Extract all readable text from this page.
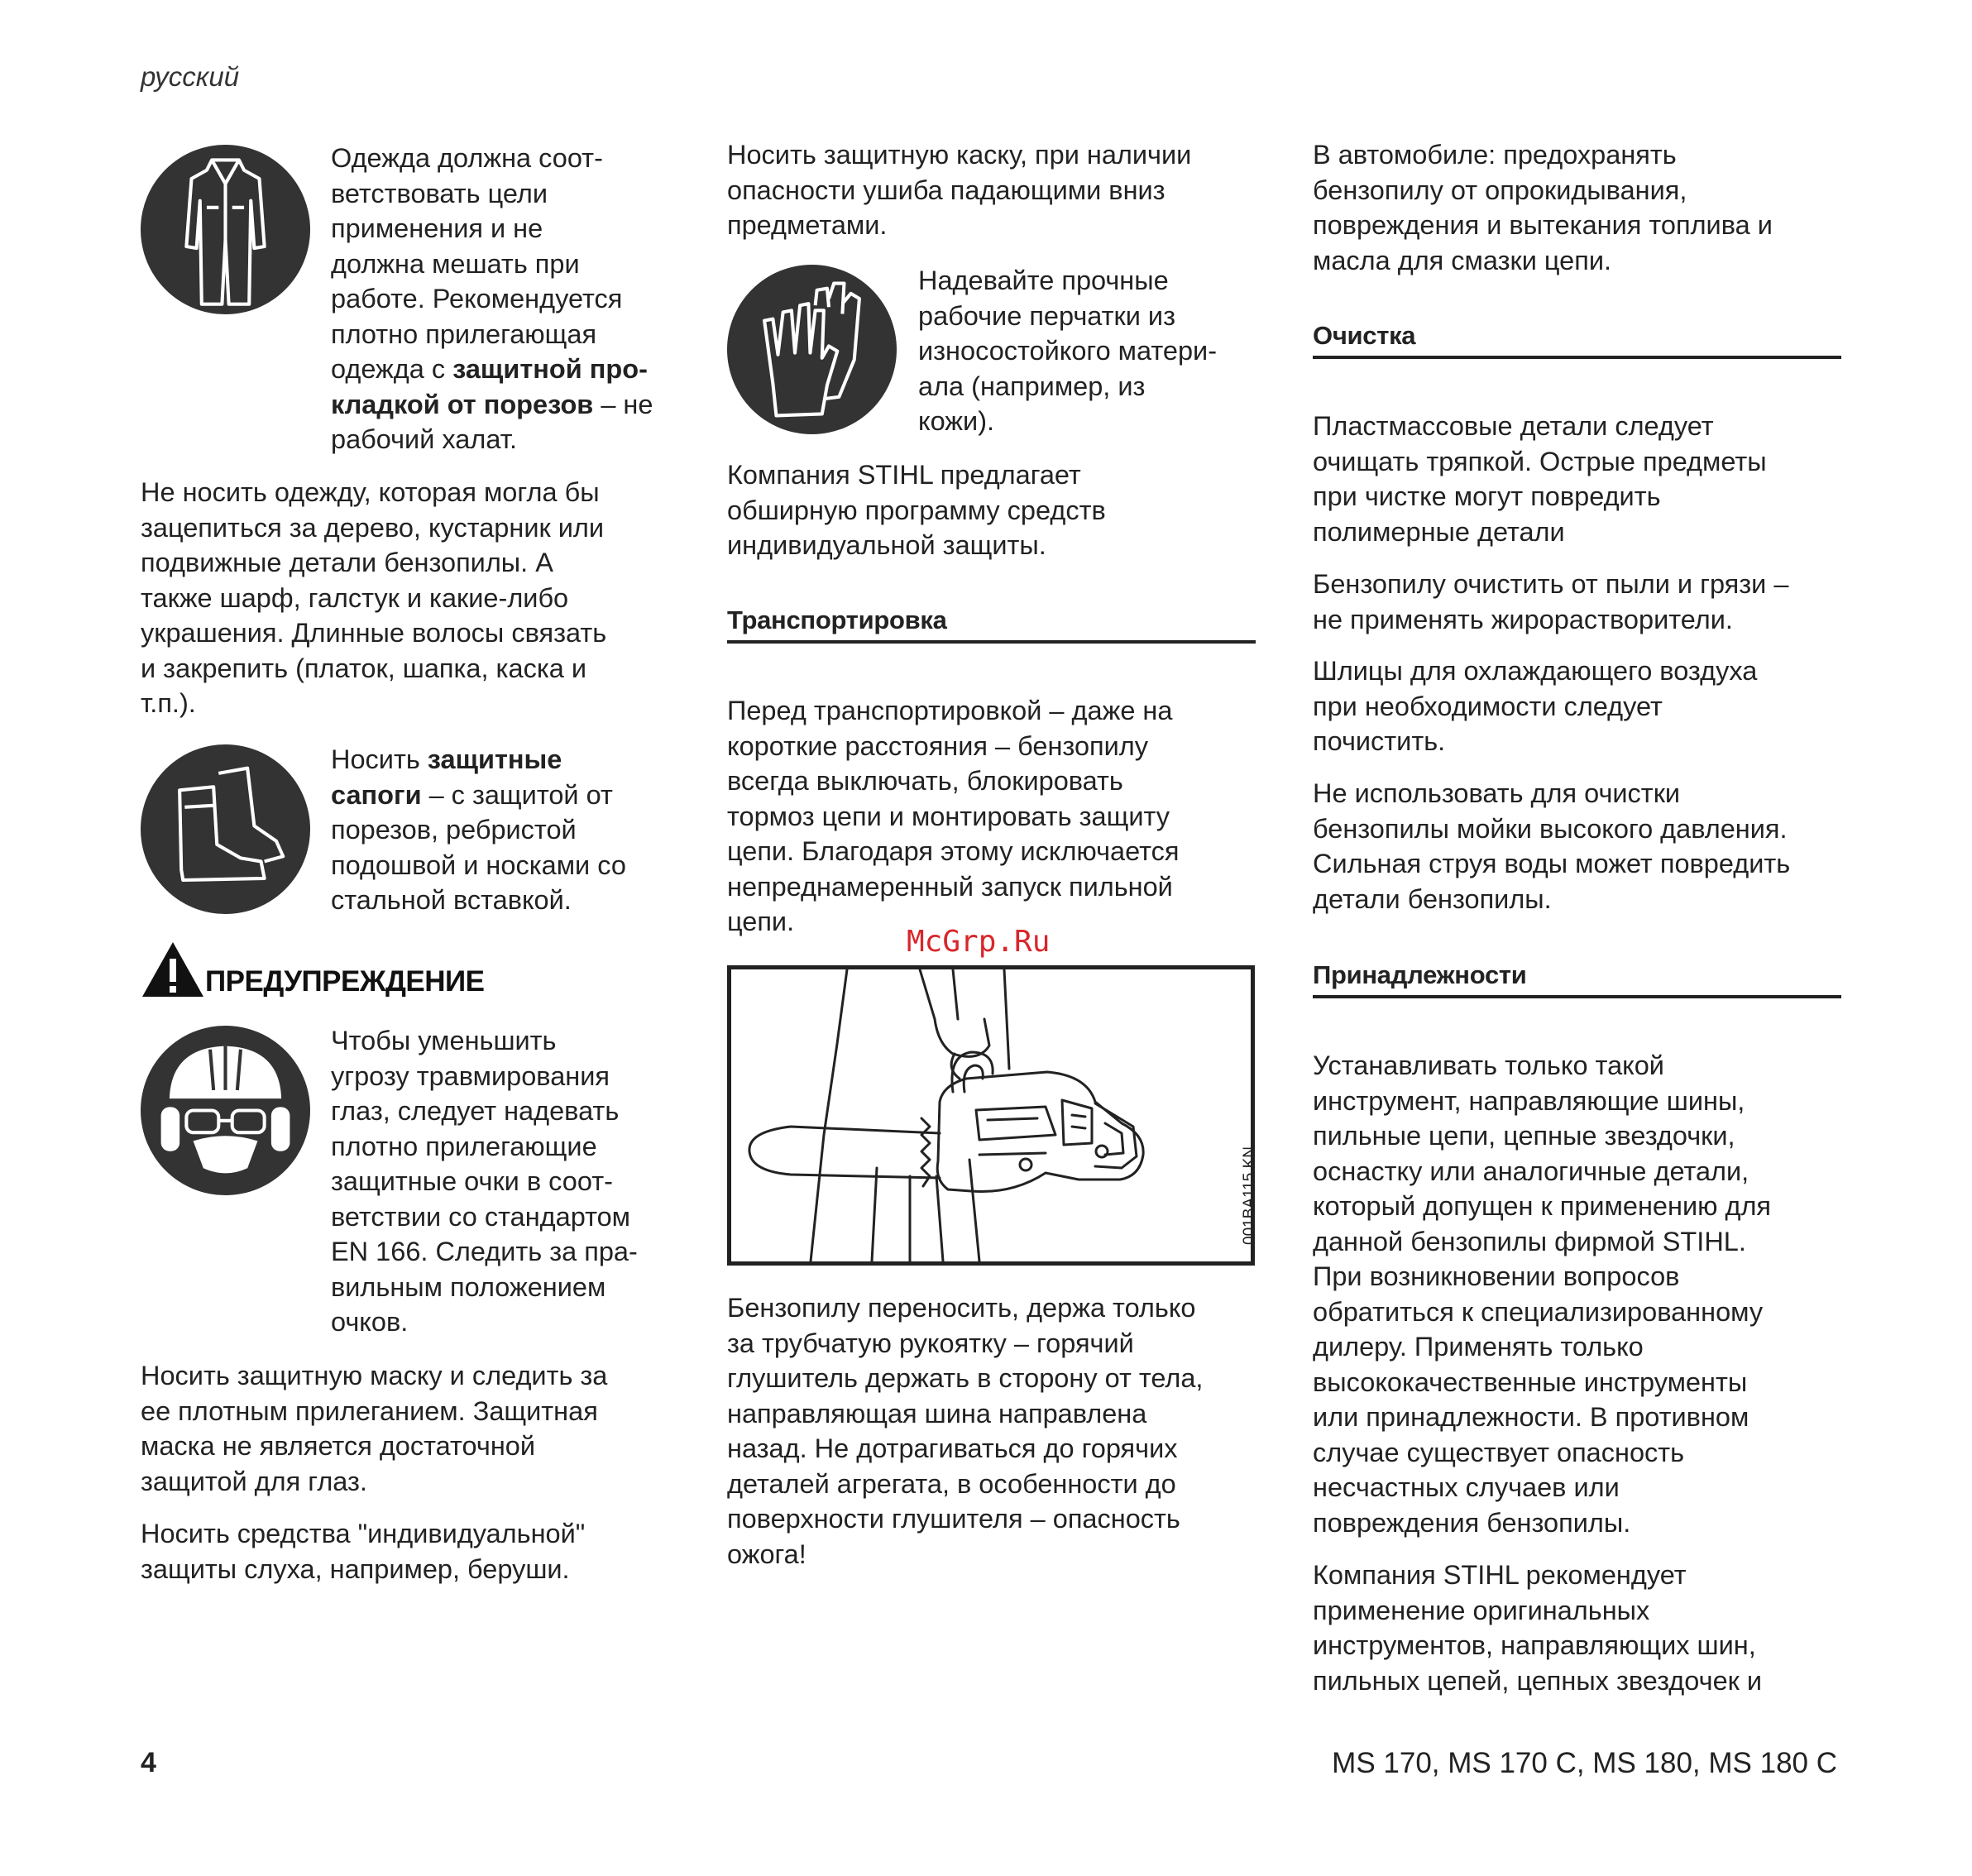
русский
Одежда должна соот-
ветствовать цели
применения и не
должна мешать при
работе. Рекомендуется
плотно прилегающая
одежда с защитной про-
кладкой от порезов – не
рабочий халат.
Не носить одежду, которая могла бы
зацепиться за дерево, кустарник или
подвижные детали бензопилы. А
также шарф, галстук и какие-либо
украшения. Длинные волосы связать
и закрепить (платок, шапка, каска и
т.п.).
Носить защитные
сапоги – с защитой от
порезов, ребристой
подошвой и носками со
стальной вставкой.
ПРЕДУПРЕЖДЕНИЕ
Чтобы уменьшить
угрозу травмирования
глаз, следует надевать
плотно прилегающие
защитные очки в соот-
ветствии со стандартом
EN 166. Следить за пра-
вильным положением
очков.
Носить защитную маску и следить за
ее плотным прилеганием. Защитная
маска не является достаточной
защитой для глаз.
Носить средства "индивидуальной"
защиты слуха, например, беруши.
Носить защитную каску, при наличии
опасности ушиба падающими вниз
предметами.
Надевайте прочные
рабочие перчатки из
износостойкого матери-
ала (например, из
кожи).
Компания STIHL предлагает
обширную программу средств
индивидуальной защиты.
Транспортировка
Перед транспортировкой – даже на
короткие расстояния – бензопилу
всегда выключать, блокировать
тормоз цепи и монтировать защиту
цепи. Благодаря этому исключается
непреднамеренный запуск пильной
цепи.
001BA115 KN
Бензопилу переносить, держа только
за трубчатую рукоятку – горячий
глушитель держать в сторону от тела,
направляющая шина направлена
назад. Не дотрагиваться до горячих
деталей агрегата, в особенности до
поверхности глушителя – опасность
ожога!
В автомобиле: предохранять
бензопилу от опрокидывания,
повреждения и вытекания топлива и
масла для смазки цепи.
Очистка
Пластмассовые детали следует
очищать тряпкой. Острые предметы
при чистке могут повредить
полимерные детали
Бензопилу очистить от пыли и грязи –
не применять жирорастворители.
Шлицы для охлаждающего воздуха
при необходимости следует
почистить.
Не использовать для очистки
бензопилы мойки высокого давления.
Сильная струя воды может повредить
детали бензопилы.
Принадлежности
Устанавливать только такой
инструмент, направляющие шины,
пильные цепи, цепные звездочки,
оснастку или аналогичные детали,
который допущен к применению для
данной бензопилы фирмой STIHL.
При возникновении вопросов
обратиться к специализированному
дилеру. Применять только
высококачественные инструменты
или принадлежности. В противном
случае существует опасность
несчастных случаев или
повреждения бензопилы.
Компания STIHL рекомендует
применение оригинальных
инструментов, направляющих шин,
пильных цепей, цепных звездочек и
McGrp.Ru
4	MS 170, MS 170 C, MS 180, MS 180 C
